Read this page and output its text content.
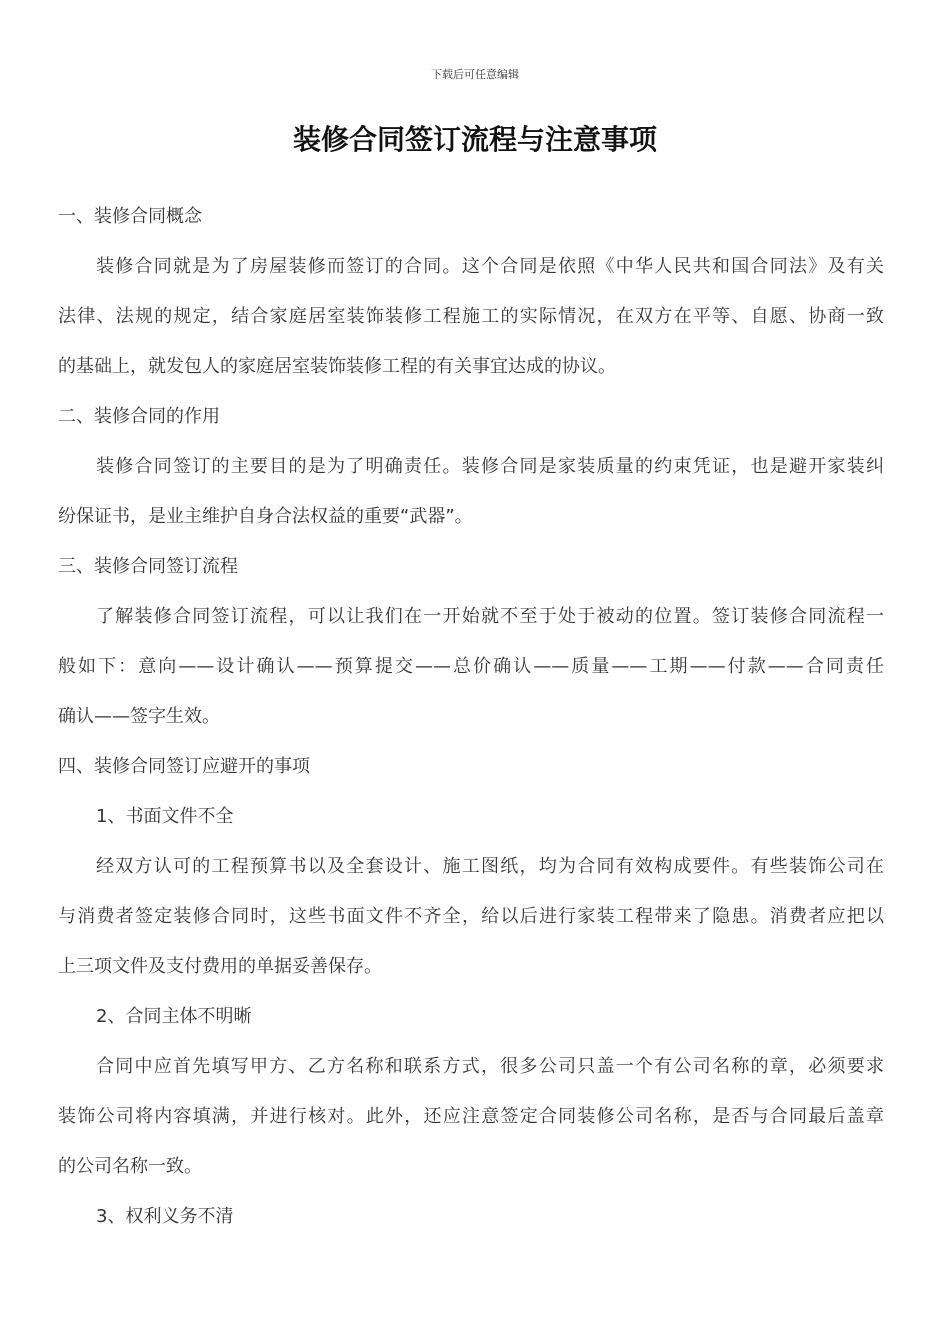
下载后可任意编辑
装修合同签订流程与注意事项
一、装修合同概念
装修合同就是为了房屋装修而签订的合同。这个合同是依照《中华人民共和国合同法》及有关
法律、法规的规定，结合家庭居室装饰装修工程施工的实际情况，在双方在平等、自愿、协商一致
的基础上，就发包人的家庭居室装饰装修工程的有关事宜达成的协议。
二、装修合同的作用
装修合同签订的主要目的是为了明确责任。装修合同是家装质量的约束凭证，也是避开家装纠
纷保证书，是业主维护自身合法权益的重要“武器”。
三、装修合同签订流程
了解装修合同签订流程，可以让我们在一开始就不至于处于被动的位置。签订装修合同流程一
般如下：意向——设计确认——预算提交——总价确认——质量——工期——付款——合同责任
确认——签字生效。
四、装修合同签订应避开的事项
1、书面文件不全
经双方认可的工程预算书以及全套设计、施工图纸，均为合同有效构成要件。有些装饰公司在
与消费者签定装修合同时，这些书面文件不齐全，给以后进行家装工程带来了隐患。消费者应把以
上三项文件及支付费用的单据妥善保存。
2、合同主体不明晰
合同中应首先填写甲方、乙方名称和联系方式，很多公司只盖一个有公司名称的章，必须要求
装饰公司将内容填满，并进行核对。此外，还应注意签定合同装修公司名称，是否与合同最后盖章
的公司名称一致。
3、权利义务不清
